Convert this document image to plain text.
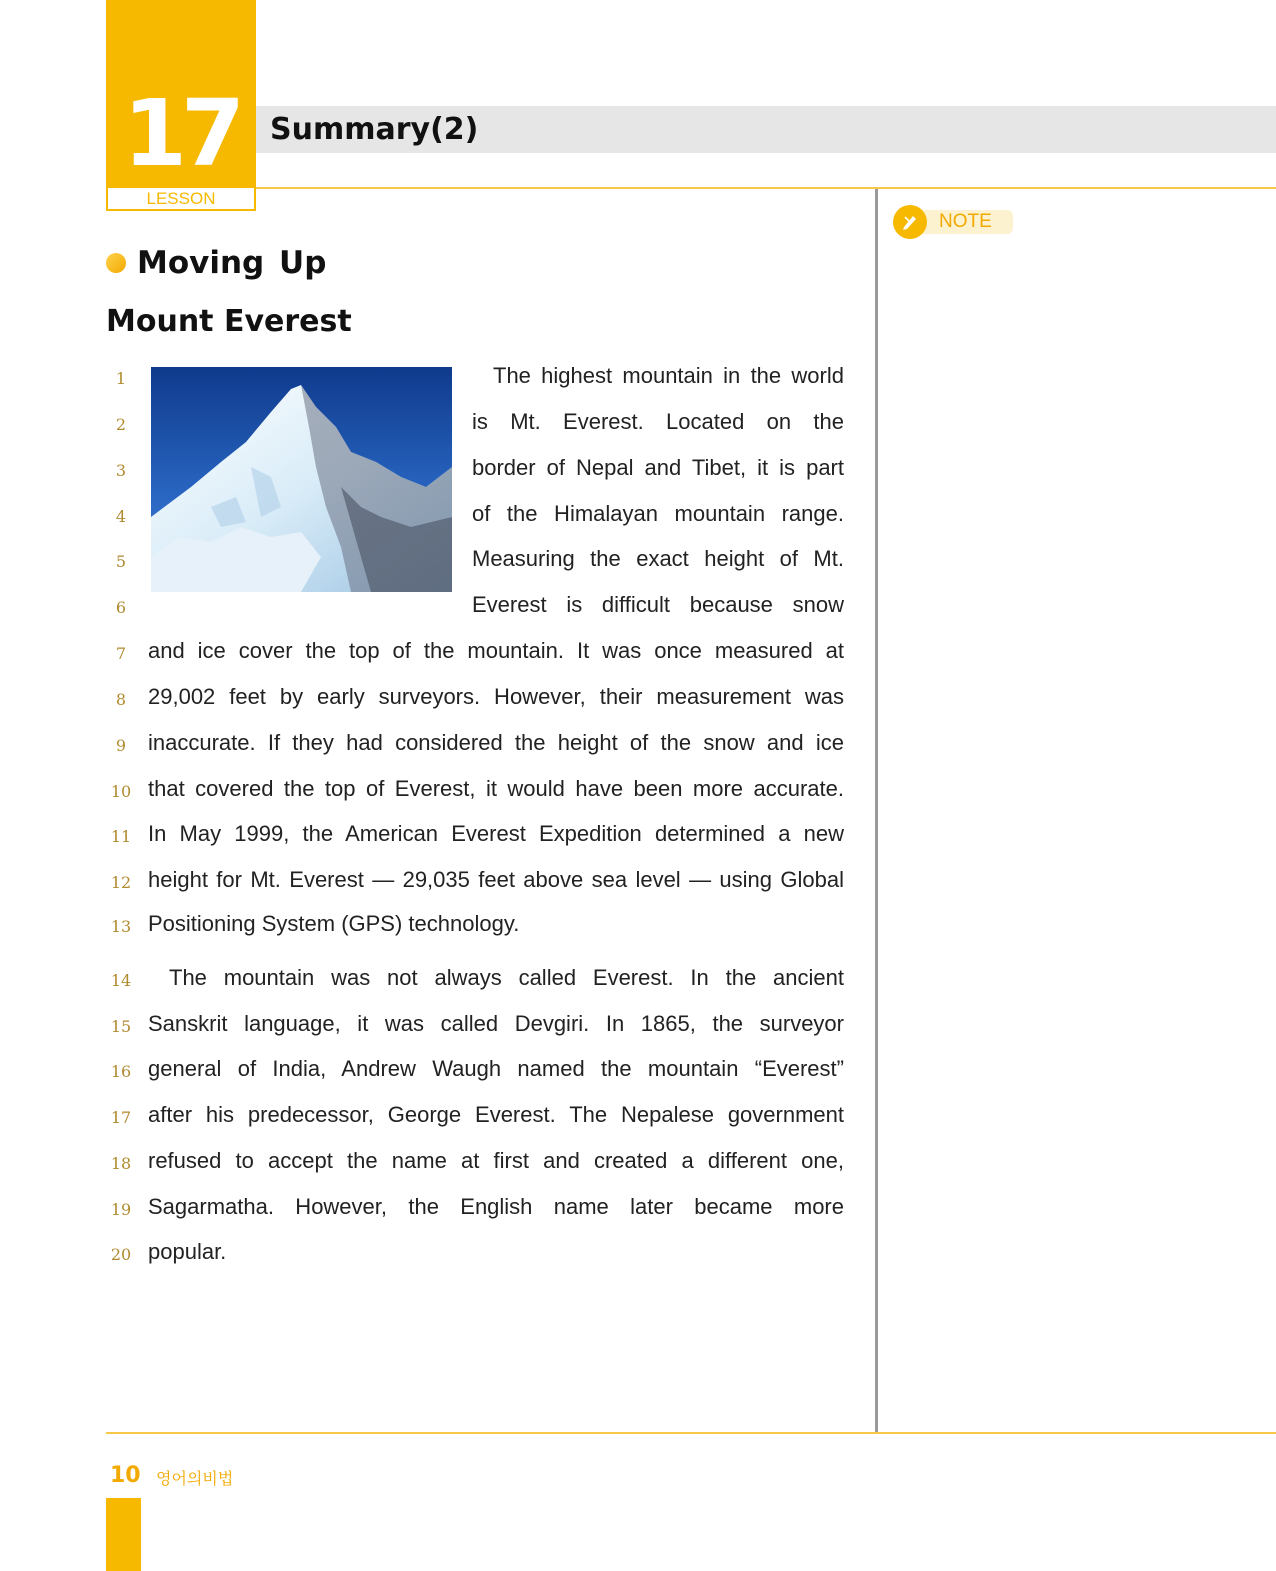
17
LESSON
Summary(2)
NOTE
Moving Up
Mount Everest
1
2
3
4
5
6
7
8
9
10
11
12
13
14
15
16
17
18
19
20
The highest mountain in the world
is Mt. Everest. Located on the
border of Nepal and Tibet, it is part
of the Himalayan mountain range.
Measuring the exact height of Mt.
Everest is difficult because snow
and ice cover the top of the mountain. It was once measured at
29,002 feet by early surveyors. However, their measurement was
inaccurate. If they had considered the height of the snow and ice
that covered the top of Everest, it would have been more accurate.
In May 1999, the American Everest Expedition determined a new
height for Mt. Everest ― 29,035 feet above sea level ― using Global
Positioning System (GPS) technology.
The mountain was not always called Everest. In the ancient
Sanskrit language, it was called Devgiri. In 1865, the surveyor
general of India, Andrew Waugh named the mountain “Everest”
after his predecessor, George Everest. The Nepalese government
refused to accept the name at first and created a different one,
Sagarmatha. However, the English name later became more
popular.
10 영어의비법
